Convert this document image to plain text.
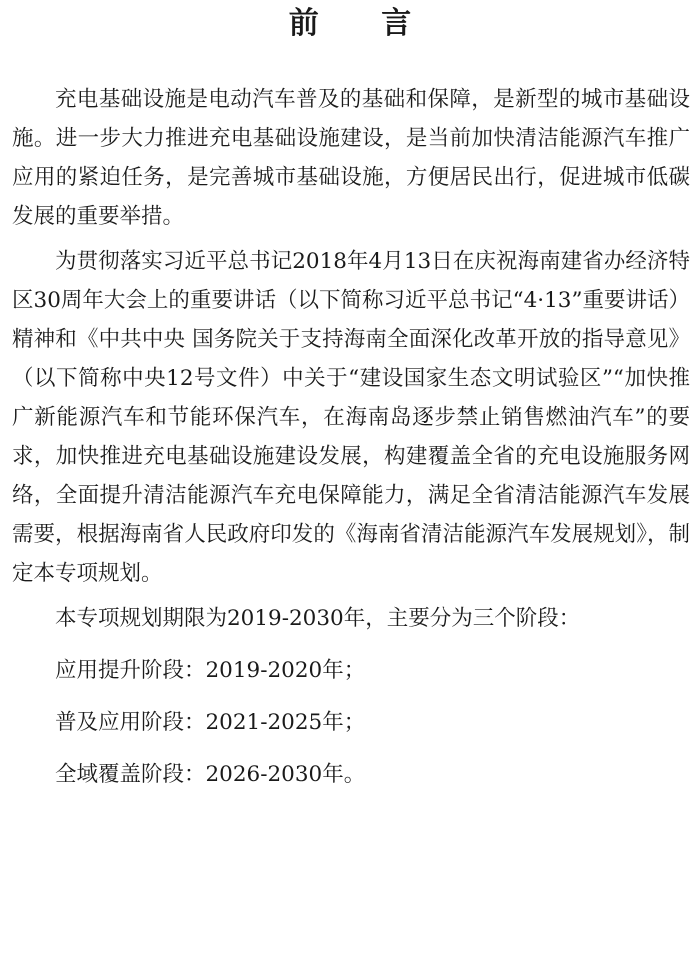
前 言

充电基础设施是电动汽车普及的基础和保障，是新型的城市基础设施。进一步大力推进充电基础设施建设，是当前加快清洁能源汽车推广应用的紧迫任务，是完善城市基础设施，方便居民出行，促进城市低碳发展的重要举措。

为贯彻落实习近平总书记2018年4月13日在庆祝海南建省办经济特区30周年大会上的重要讲话（以下简称习近平总书记“4·13”重要讲话）精神和《中共中央 国务院关于支持海南全面深化改革开放的指导意见》（以下简称中央12号文件）中关于“建设国家生态文明试验区”“加快推广新能源汽车和节能环保汽车，在海南岛逐步禁止销售燃油汽车”的要求，加快推进充电基础设施建设发展，构建覆盖全省的充电设施服务网络，全面提升清洁能源汽车充电保障能力，满足全省清洁能源汽车发展需要，根据海南省人民政府印发的《海南省清洁能源汽车发展规划》，制定本专项规划。

本专项规划期限为2019-2030年，主要分为三个阶段：

应用提升阶段：2019-2020年；

普及应用阶段：2021-2025年；

全域覆盖阶段：2026-2030年。
